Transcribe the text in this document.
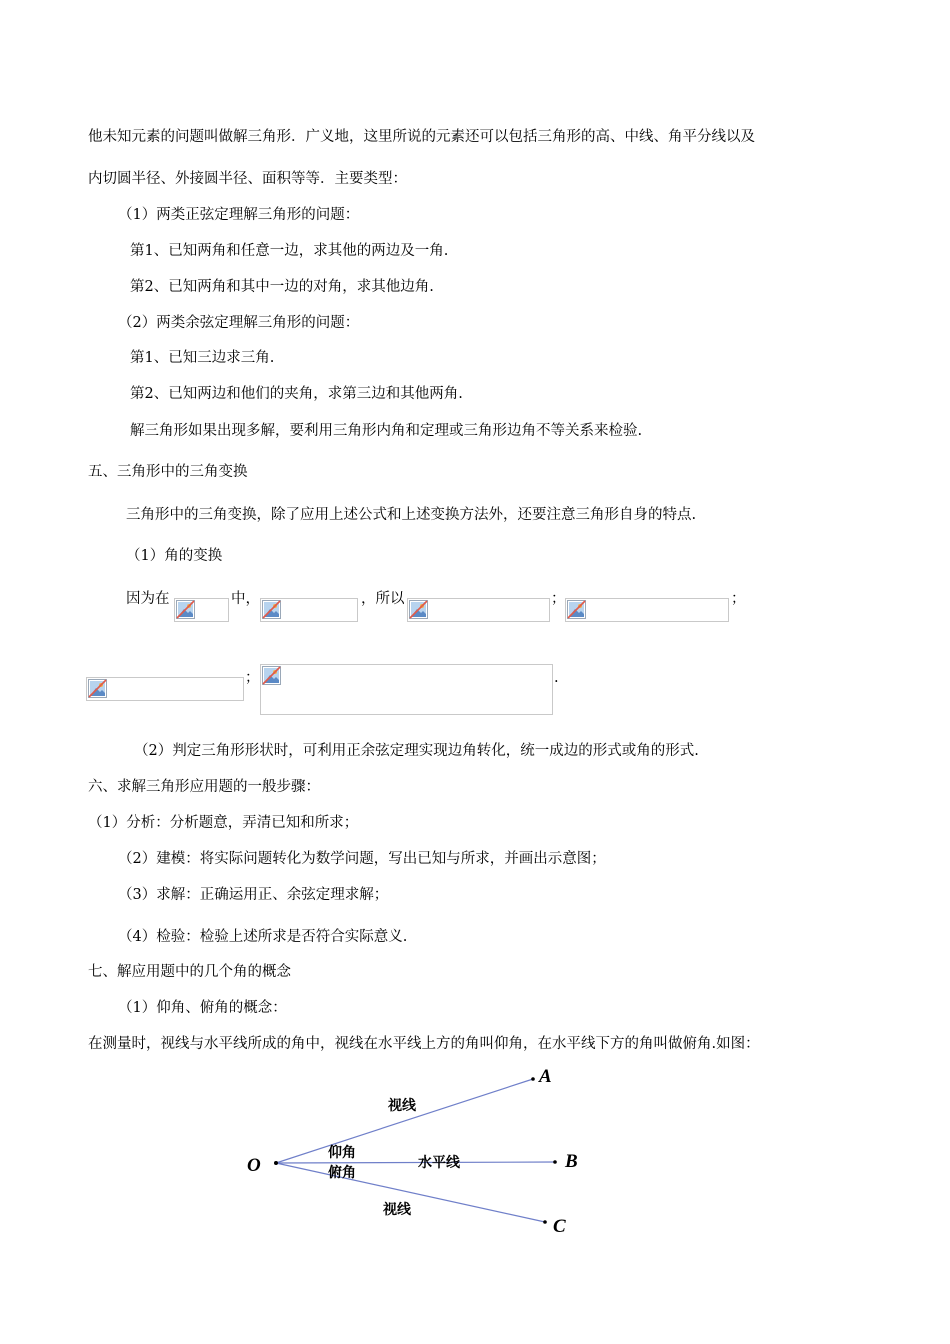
他未知元素的问题叫做解三角形．广义地，这里所说的元素还可以包括三角形的高、中线、角平分线以及
内切圆半径、外接圆半径、面积等等．主要类型：
（1）两类正弦定理解三角形的问题：
第1、已知两角和任意一边，求其他的两边及一角.
第2、已知两角和其中一边的对角，求其他边角.
（2）两类余弦定理解三角形的问题：
第1、已知三边求三角.
第2、已知两边和他们的夹角，求第三边和其他两角.
解三角形如果出现多解，要利用三角形内角和定理或三角形边角不等关系来检验.
五、三角形中的三角变换
三角形中的三角变换，除了应用上述公式和上述变换方法外，还要注意三角形自身的特点.
（1）角的变换
因为在	中，	，所以	；	；
；	.
（2）判定三角形形状时，可利用正余弦定理实现边角转化，统一成边的形式或角的形式.
六、求解三角形应用题的一般步骤：
（1）分析：分析题意，弄清已知和所求；
（2）建模：将实际问题转化为数学问题，写出已知与所求，并画出示意图；
（3）求解：正确运用正、余弦定理求解；
（4）检验：检验上述所求是否符合实际意义.
七、解应用题中的几个角的概念
（1）仰角、俯角的概念：
在测量时，视线与水平线所成的角中，视线在水平线上方的角叫仰角，在水平线下方的角叫做俯角.如图：
O
A
B
C
视线
水平线
仰角
俯角
视线
